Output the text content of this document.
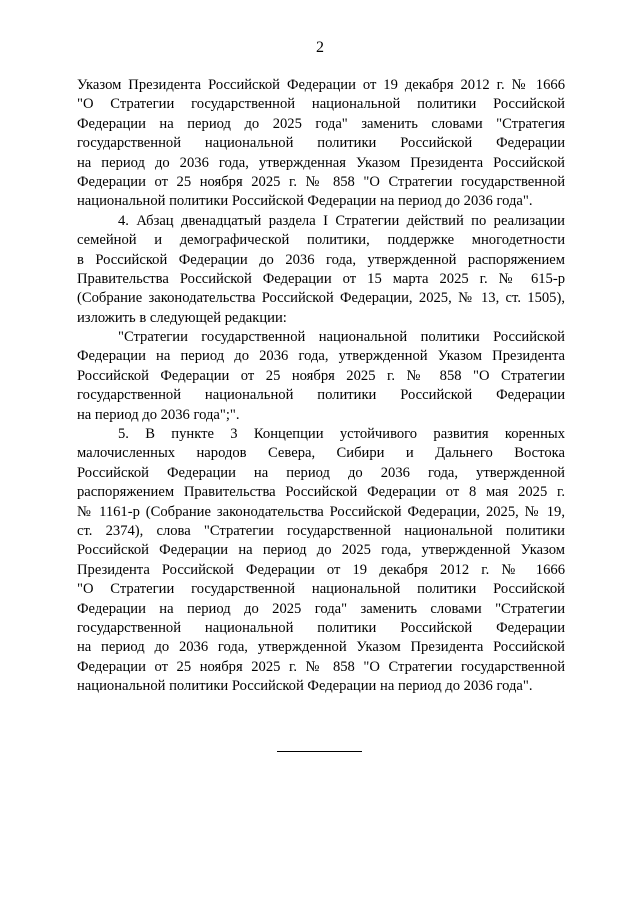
2
Указом Президента Российской Федерации от 19 декабря 2012 г. № 1666
"О Стратегии государственной национальной политики Российской
Федерации на период до 2025 года" заменить словами "Стратегия
государственной национальной политики Российской Федерации
на период до 2036 года, утвержденная Указом Президента Российской
Федерации от 25 ноября 2025 г. № 858 "О Стратегии государственной
национальной политики Российской Федерации на период до 2036 года".
4. Абзац двенадцатый раздела I Стратегии действий по реализации
семейной и демографической политики, поддержке многодетности
в Российской Федерации до 2036 года, утвержденной распоряжением
Правительства Российской Федерации от 15 марта 2025 г. № 615-р
(Собрание законодательства Российской Федерации, 2025, № 13, ст. 1505),
изложить в следующей редакции:
"Стратегии государственной национальной политики Российской
Федерации на период до 2036 года, утвержденной Указом Президента
Российской Федерации от 25 ноября 2025 г. № 858 "О Стратегии
государственной национальной политики Российской Федерации
на период до 2036 года";".
5. В пункте 3 Концепции устойчивого развития коренных
малочисленных народов Севера, Сибири и Дальнего Востока
Российской Федерации на период до 2036 года, утвержденной
распоряжением Правительства Российской Федерации от 8 мая 2025 г.
№ 1161-р (Собрание законодательства Российской Федерации, 2025, № 19,
ст. 2374), слова "Стратегии государственной национальной политики
Российской Федерации на период до 2025 года, утвержденной Указом
Президента Российской Федерации от 19 декабря 2012 г. № 1666
"О Стратегии государственной национальной политики Российской
Федерации на период до 2025 года" заменить словами "Стратегии
государственной национальной политики Российской Федерации
на период до 2036 года, утвержденной Указом Президента Российской
Федерации от 25 ноября 2025 г. № 858 "О Стратегии государственной
национальной политики Российской Федерации на период до 2036 года".
